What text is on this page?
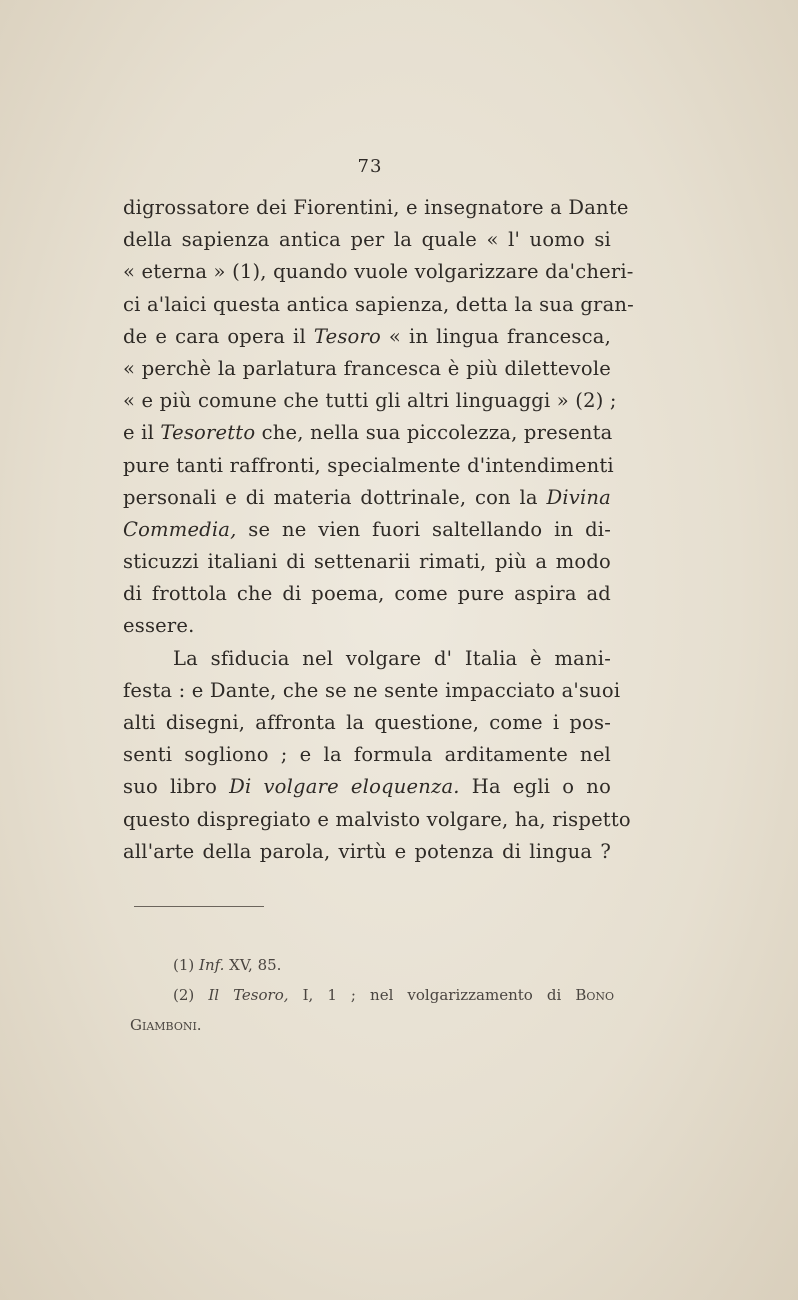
73
digrossatore dei Fiorentini, e insegnatore a Dante
della sapienza antica per la quale « l' uomo si
« eterna » (1), quando vuole volgarizzare da'cheri-
ci a'laici questa antica sapienza, detta la sua gran-
de e cara opera il Tesoro « in lingua francesca,
« perchè la parlatura francesca è più dilettevole
« e più comune che tutti gli altri linguaggi » (2) ;
e il Tesoretto che, nella sua piccolezza, presenta
pure tanti raffronti, specialmente d'intendimenti
personali e di materia dottrinale, con la Divina
Commedia, se ne vien fuori saltellando in di-
sticuzzi italiani di settenarii rimati, più a modo
di frottola che di poema, come pure aspira ad
essere.
La sfiducia nel volgare d' Italia è mani-
festa : e Dante, che se ne sente impacciato a'suoi
alti disegni, affronta la questione, come i pos-
senti sogliono ; e la formula arditamente nel
suo libro Di volgare eloquenza. Ha egli o no
questo dispregiato e malvisto volgare, ha, rispetto
all'arte della parola, virtù e potenza di lingua ?
(1) Inf. XV, 85.
(2) Il Tesoro, I, 1 ; nel volgarizzamento di Bono
Giamboni.
